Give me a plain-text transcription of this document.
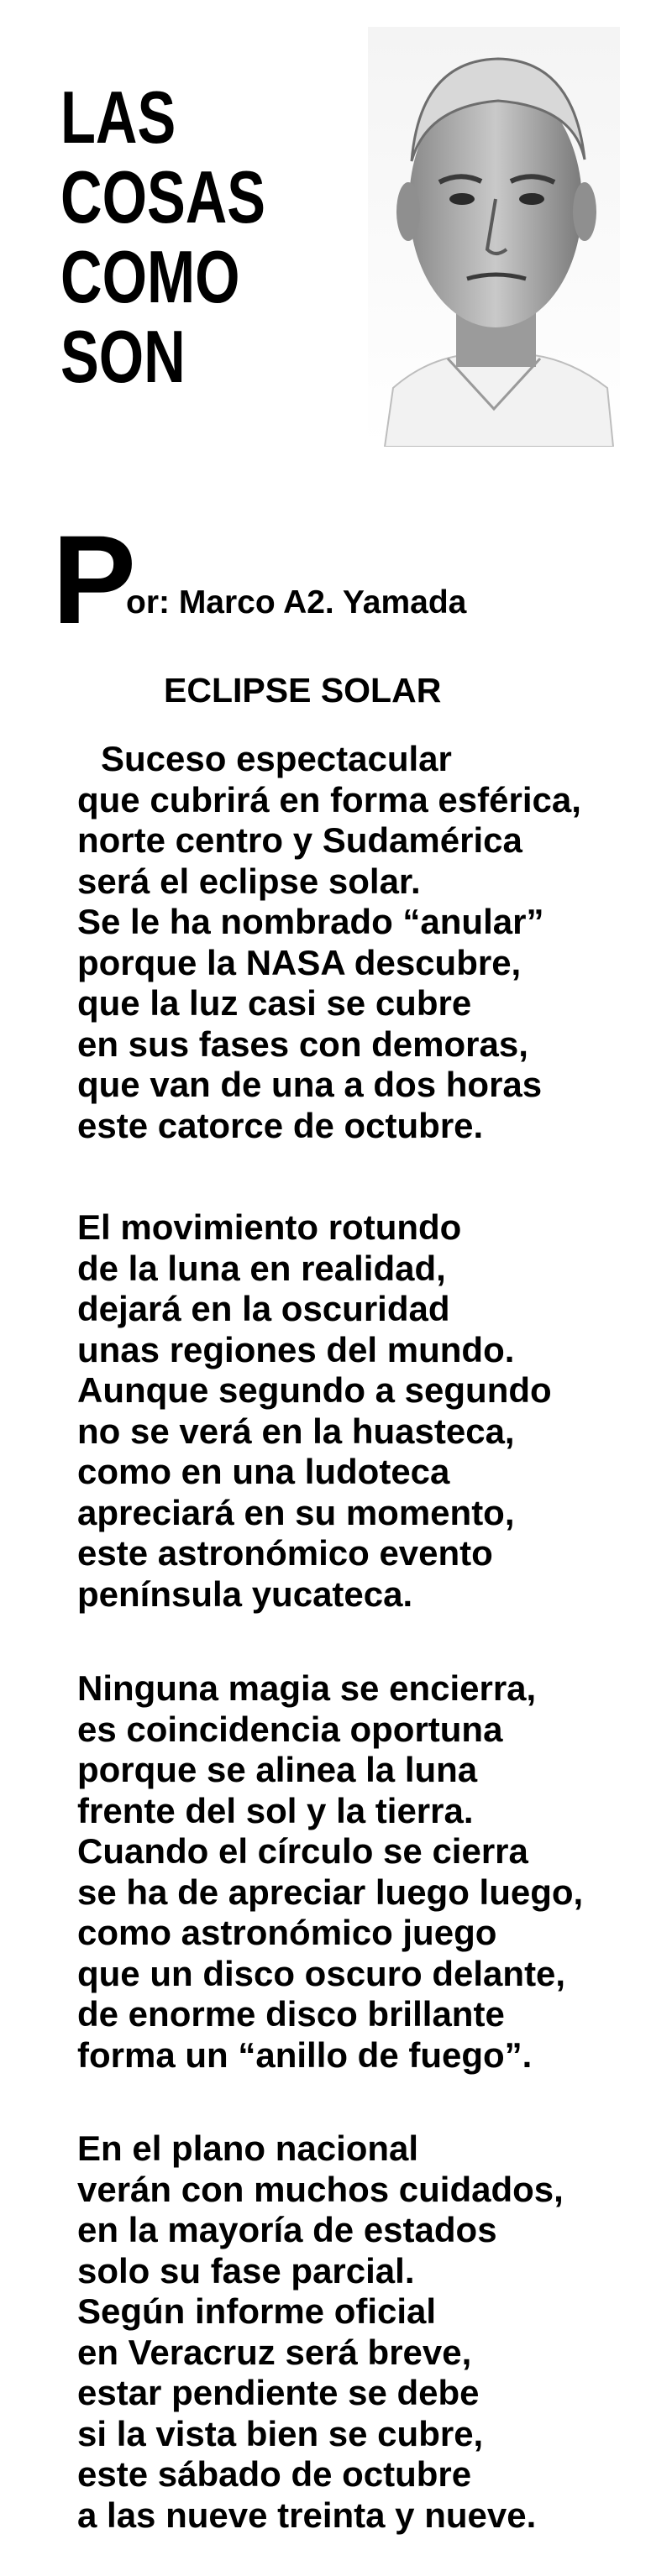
LAS
COSAS
COMO
SON
P
or: Marco A2. Yamada
ECLIPSE SOLAR
Suceso espectacular
que cubrirá en forma esférica,
norte centro y Sudamérica
será el eclipse solar.
Se le ha nombrado “anular”
porque la NASA descubre,
que la luz casi se cubre
en sus fases con demoras,
que van de una a dos horas
este catorce de octubre.
El movimiento rotundo
de la luna en realidad,
dejará en la oscuridad
unas regiones del mundo.
Aunque segundo a segundo
no se verá en la huasteca,
como en una ludoteca
apreciará en su momento,
este astronómico evento
península yucateca.
Ninguna magia se encierra,
es coincidencia oportuna
porque se alinea la luna
frente del sol y la tierra.
Cuando el círculo se cierra
se ha de apreciar luego luego,
como astronómico juego
que un disco oscuro delante,
de enorme disco brillante
forma un “anillo de fuego”.
En el plano nacional
verán con muchos cuidados,
en la mayoría de estados
solo su fase parcial.
Según informe oficial
en Veracruz será breve,
estar pendiente se debe
si la vista bien se cubre,
este sábado de octubre
a las nueve treinta y nueve.
